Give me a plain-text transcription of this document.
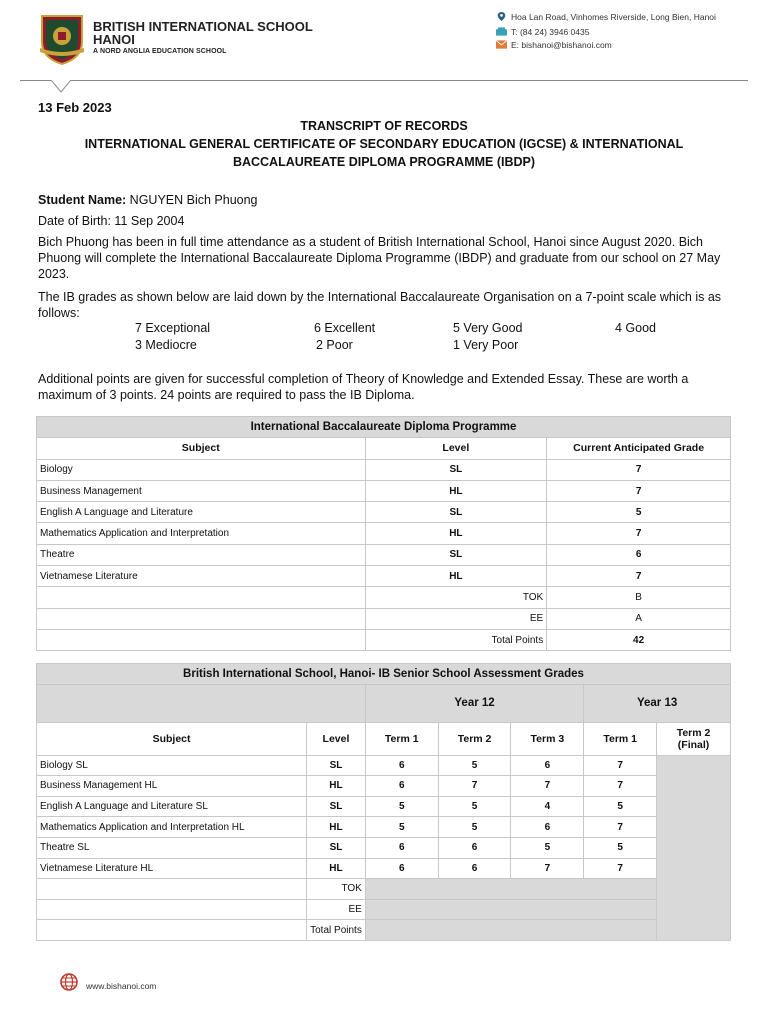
BRITISH INTERNATIONAL SCHOOL HANOI
A NORD ANGLIA EDUCATION SCHOOL
Hoa Lan Road, Vinhomes Riverside, Long Bien, Hanoi
T: (84 24) 3946 0435
E: bishanoi@bishanoi.com
13 Feb 2023
TRANSCRIPT OF RECORDS
INTERNATIONAL GENERAL CERTIFICATE OF SECONDARY EDUCATION (IGCSE) & INTERNATIONAL
BACCALAUREATE DIPLOMA PROGRAMME (IBDP)
Student Name: NGUYEN Bich Phuong
Date of Birth: 11 Sep 2004
Bich Phuong has been in full time attendance as a student of British International School, Hanoi since August 2020. Bich Phuong will complete the International Baccalaureate Diploma Programme (IBDP) and graduate from our school on 27 May 2023.
The IB grades as shown below are laid down by the International Baccalaureate Organisation on a 7-point scale which is as follows:
7 Exceptional	6 Excellent	5 Very Good	4 Good
3 Mediocre	2 Poor	1 Very Poor
Additional points are given for successful completion of Theory of Knowledge and Extended Essay. These are worth a maximum of 3 points. 24 points are required to pass the IB Diploma.
International Baccalaureate Diploma Programme		
Subject	Level	Current Anticipated Grade
Biology	SL	7
Business Management	HL	7
English A Language and Literature	SL	5
Mathematics Application and Interpretation	HL	7
Theatre	SL	6
Vietnamese Literature	HL	7
	TOK	B
	EE	A
	Total Points	42
British International School, Hanoi- IB Senior School Assessment Grades						
		Year 12			Year 13	
Subject	Level	Term 1	Term 2	Term 3	Term 1	Term 2 (Final)
Biology SL	SL	6	5	6	7	
Business Management HL	HL	6	7	7	7	
English A Language and Literature SL	SL	5	5	4	5	
Mathematics Application and Interpretation HL	HL	5	5	6	7	
Theatre SL	SL	6	6	5	5	
Vietnamese Literature HL	HL	6	6	7	7	
	TOK					
	EE					
	Total Points					
www.bishanoi.com
